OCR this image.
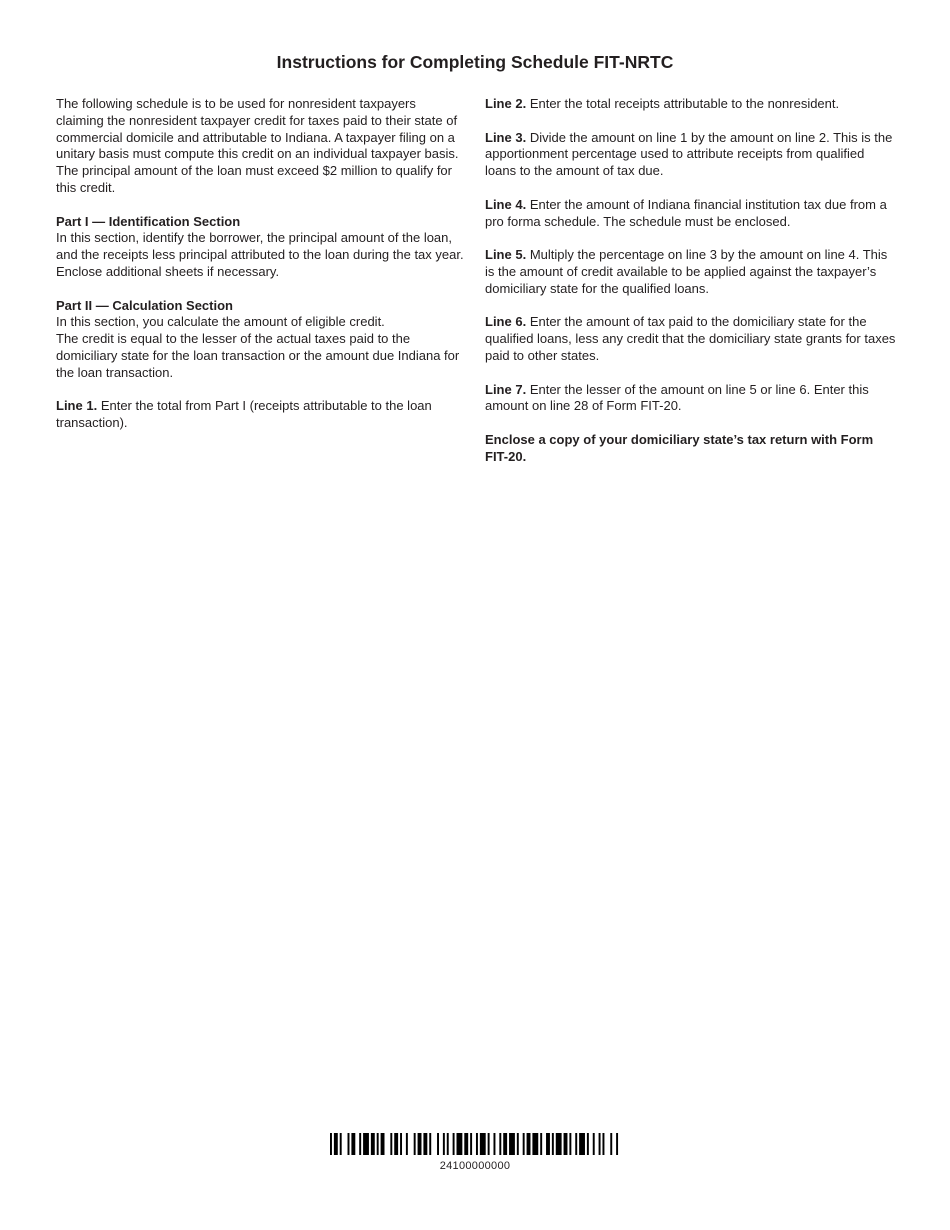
Instructions for Completing Schedule FIT-NRTC

The following schedule is to be used for nonresident taxpayers claiming the nonresident taxpayer credit for taxes paid to their state of commercial domicile and attributable to Indiana. A taxpayer filing on a unitary basis must compute this credit on an individual taxpayer basis. The principal amount of the loan must exceed $2 million to qualify for this credit.

Part I — Identification Section
In this section, identify the borrower, the principal amount of the loan, and the receipts less principal attributed to the loan during the tax year. Enclose additional sheets if necessary.

Part II — Calculation Section
In this section, you calculate the amount of eligible credit.
The credit is equal to the lesser of the actual taxes paid to the domiciliary state for the loan transaction or the amount due Indiana for the loan transaction.

Line 1. Enter the total from Part I (receipts attributable to the loan transaction).

Line 2. Enter the total receipts attributable to the nonresident.

Line 3. Divide the amount on line 1 by the amount on line 2. This is the apportionment percentage used to attribute receipts from qualified loans to the amount of tax due.

Line 4. Enter the amount of Indiana financial institution tax due from a pro forma schedule. The schedule must be enclosed.

Line 5. Multiply the percentage on line 3 by the amount on line 4. This is the amount of credit available to be applied against the taxpayer’s domiciliary state for the qualified loans.

Line 6. Enter the amount of tax paid to the domiciliary state for the qualified loans, less any credit that the domiciliary state grants for taxes paid to other states.

Line 7. Enter the lesser of the amount on line 5 or line 6. Enter this amount on line 28 of Form FIT-20.

Enclose a copy of your domiciliary state’s tax return with Form FIT-20.

24100000000
